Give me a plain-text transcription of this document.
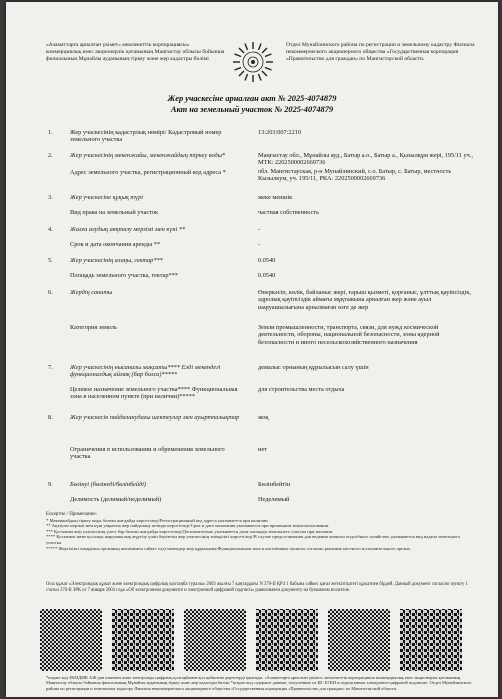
«Азаматтарға арналған үкімет» мемлекеттік корпорациясы» коммерциялық емес акционерлік қоғамының Маңғыстау облысы бойынша филиалының Мұнайлы ауданының тіркеу және жер кадастры бөлімі
Отдел Мунайлинского района по регистрации и земельному кадастру Филиала некоммерческого акционерного общества «Государственная корпорация «Правительство для граждан» по Мангистауской области.
Жер учаскесіне арналған акт № 2025-4074879
Акт на земельный участок № 2025-4074879
1.	Жер учаскесінің кадастрлық нөмірі/ Кадастровый номер земельного участка
13:203:007:2210
2.	Жер учаскесінің мекенжайы, мекенжайдың тіркеу коды*
Адрес земельного участка, регистрационный код адреса *
Маңғыстау обл., Мұнайлы ауд., Батыр а.о., Батыр а., Қызылқұм жері, 195/11 уч., МТК: 2202500002669736
обл. Мангистауская, р-н Мунайлинский, с.о. Батыр, с. Батыр, местность Кызылкум, уч. 195/11, РКА: 2202500002669736
3.	Жер учаскесіне құқық түрі
Вид права на земельный участок
жеке меншік
частная собственность
4.	Жалға алудың аяқталу мерзімі мен күні **
Срок и дата окончания аренды **
-
-
5.	Жер учаскесінің алаңы, гектар***
Площадь земельного участка, гектар***
0.0540
0.0540
6.	Жердің санаты
Категория земель
Өнеркәсіп, көлік, байланыс жері, ғарыш қызметі, қорғаныс, ұлттық қауіпсіздік, әдролық қауіпсіздік аймағы мұқтажына арналған жер және ауыл шаруашылығына арналмаған өзге де жер
Земли промышленности, транспорта, связи, для нужд космической деятельности, обороны, национальной безопасности, зоны ядерной безопасности и иного несельскохозяйственного назначения
7.	Жер учаскесінің нысаналы мақсаты**** Елді мекендегі функционалдық аймақ (бар болса)*****
Целевое назначение земельного участка**** Функциональная зона в населенном пункте (при наличии)*****
демалыс орнының құрылысын салу үшін
для строительства места отдыха
8.	Жер учаскесін пайдаланудағы шектеулер мен ауыртпалықтар
Ограничения в использовании и обременения земельного участка
жоқ
нет
9.	Бөлінуі (бөлінеді/бөлінбейді)
Делимость (делимый/неделимый)
Бөлінбейтін
Неделимый
Ескертпе / Примечание:
* Мекенжайдың тіркеу коды болған жағдайда көрсетіледі/Регистрационный код адреса указывается при наличии.
** Ақтаулы мерзімі мен күні уақытша жер пайдалану кезінде көрсетіледі/Срок и дата окончания указывается при временном землепользовании.
*** Қосымша жер учаскесінің үлесі бар болған жағдайда көрсетіледі/Дополнительно указывается доля площади земельного участка при наличии.
**** Қосымша жеке қосалқы шаруашылық жүргізу үшін берілетін жер учаскесінің тиімділігі көрсетіледі/В случае предоставления для ведения личного подсобного хозяйства, указывается вид надела земельного участка.
***** Жергілікті атқарушы органның шешімімен сәйкес елді мекендер жер құрылымы/Функциональная зона в населённых пунктах согласно решения местного исполнительного органа.
Осы құжат «Электрондық құжат және электрондық цифрлық қолтаңба туралы» 2003 жылғы 7 қаңтардағы N 370-II ҚРЗ 1 бабына сәйкес қағаз жеткізгіштегі құжатпен бірдей. Данный документ согласно пункту 1 статьи 370-II ЗРК от 7 января 2003 года «Об электронном документе и электронной цифровой подписи» равнозначен документу на бумажном носителе.
*штрих-код ЗКМДМК АЖ-дан алынған және электронды цифрлық қолтаңбамен қол қойылған деректерді қамтиды. «Азаматтарға арналған үкімет» мемлекеттік корпорациясы коммерциялық емес акционерлік қоғамының Маңғыстау облысы бойынша филиалының Мұнайлы ауданының тіркеу және жер кадастры бөлімі *штрих-код содержит данные, полученные из ИС ЕГКН и подписанные электронно-цифровой подписью. Отдел Мунайлинского района по регистрации и земельному кадастру Филиала некоммерческого акционерного общества «Государственная корпорация «Правительство для граждан» по Мангистауской области.
